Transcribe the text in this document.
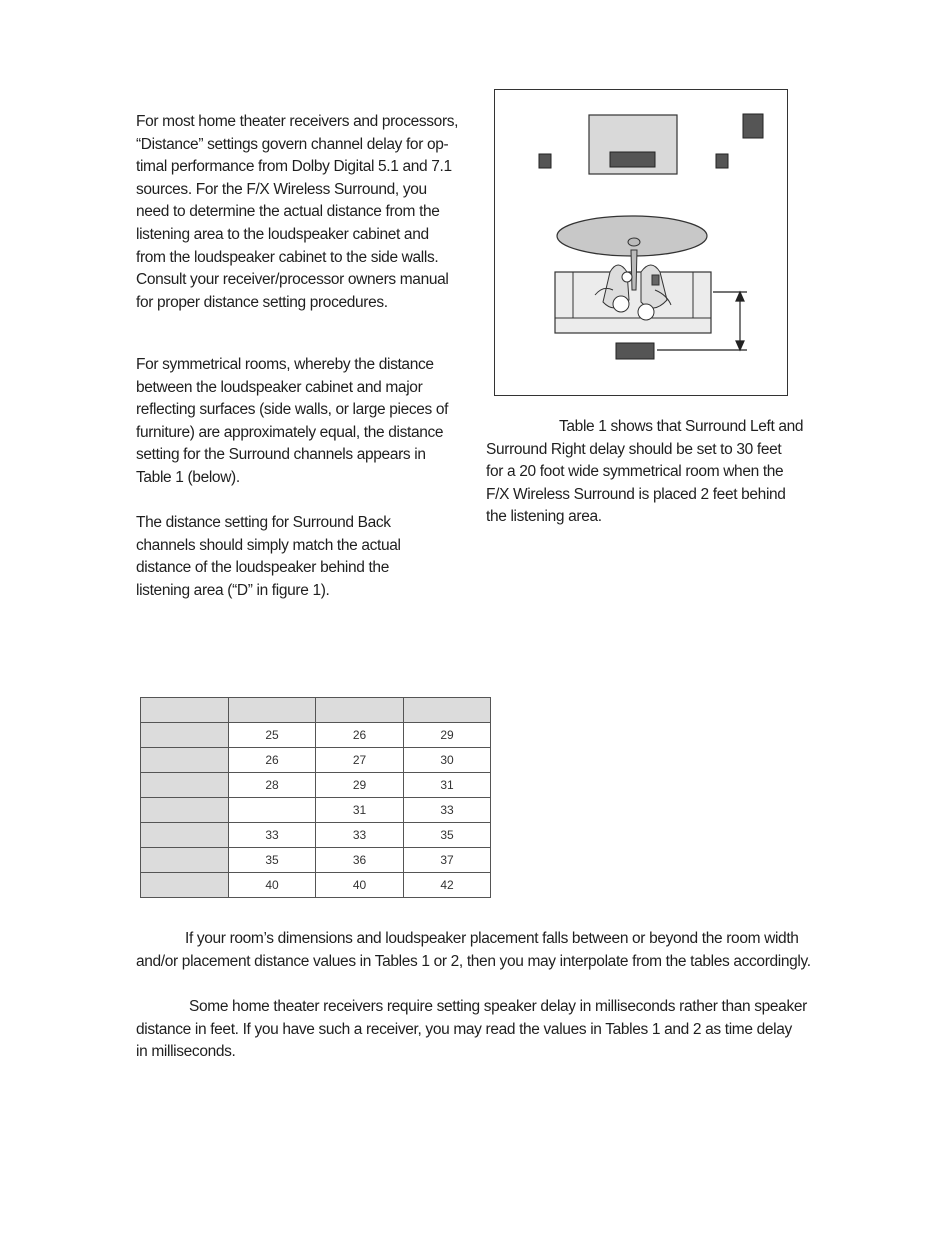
For most home theater receivers and processors,
“Distance” settings govern channel delay for op-
timal performance from Dolby Digital 5.1 and 7.1
sources. For the F/X Wireless Surround, you
need to determine the actual distance from the
listening area to the loudspeaker cabinet and
from the loudspeaker cabinet to the side walls.
Consult your receiver/processor owners manual
for proper distance setting procedures.

For symmetrical rooms, whereby the distance
between the loudspeaker cabinet and major
reflecting surfaces (side walls, or large pieces of
furniture) are approximately equal, the distance
setting for the Surround channels appears in
Table 1 (below).

The distance setting for Surround Back
channels should simply match the actual
distance of the loudspeaker behind the
listening area (“D” in figure 1).

Table 1 shows that Surround Left and
Surround Right delay should be set to 30 feet
for a 20 foot wide symmetrical room when the
F/X Wireless Surround is placed 2 feet behind
the listening area.

	25	26	29
	26	27	30
	28	29	31
		31	33
	33	33	35
	35	36	37
	40	40	42

If your room’s dimensions and loudspeaker placement falls between or beyond the room width
and/or placement distance values in Tables 1 or 2, then you may interpolate from the tables accordingly.

Some home theater receivers require setting speaker delay in milliseconds rather than speaker
distance in feet. If you have such a receiver, you may read the values in Tables 1 and 2 as time delay
in milliseconds.
